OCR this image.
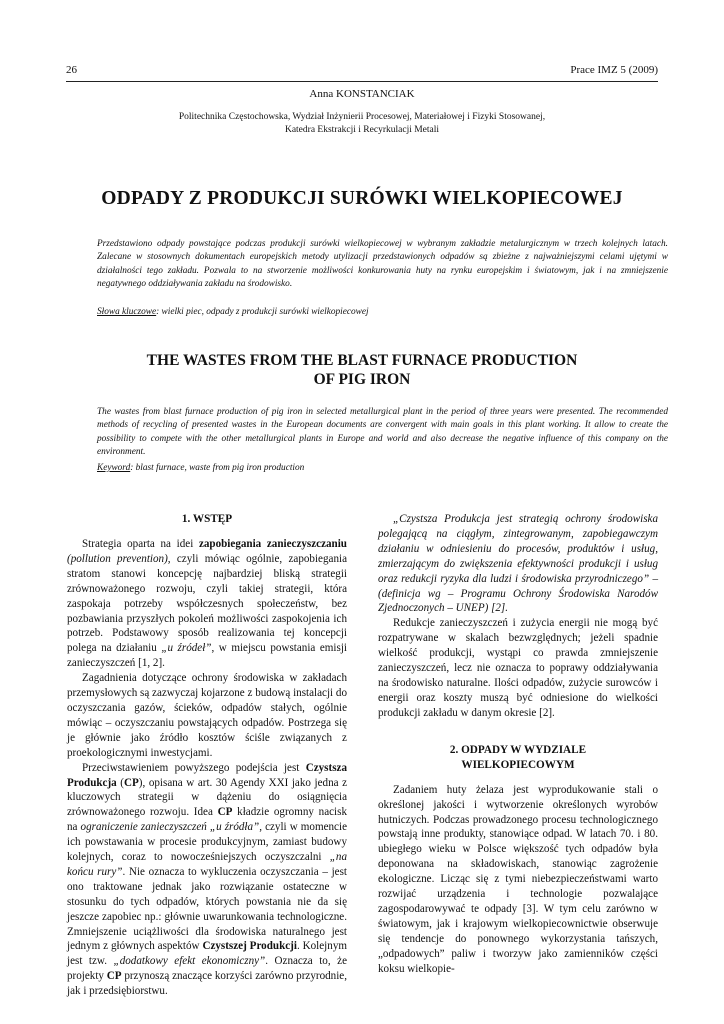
26	Prace IMZ 5 (2009)
Anna KONSTANCIAK
Politechnika Częstochowska, Wydział Inżynierii Procesowej, Materiałowej i Fizyki Stosowanej,
Katedra Ekstrakcji i Recyrkulacji Metali
ODPADY Z PRODUKCJI SURÓWKI WIELKOPIECOWEJ
Przedstawiono odpady powstające podczas produkcji surówki wielkopiecowej w wybranym zakładzie metalurgicznym w trzech kolejnych latach. Zalecane w stosownych dokumentach europejskich metody utylizacji przedstawionych odpadów są zbieżne z najważniejszymi celami ujętymi w działalności tego zakładu. Pozwala to na stworzenie możliwości konkurowania huty na rynku europejskim i światowym, jak i na zmniejszenie negatywnego oddziaływania zakładu na środowisko.
Słowa kluczowe: wielki piec, odpady z produkcji surówki wielkopiecowej
THE WASTES FROM THE BLAST FURNACE PRODUCTION
OF PIG IRON
The wastes from blast furnace production of pig iron in selected metallurgical plant in the period of three years were presented. The recommended methods of recycling of presented wastes in the European documents are convergent with main goals in this plant working. It allow to create the possibility to compete with the other metallurgical plants in Europe and world and also decrease the negative influence of this company on the environment.
Keyword: blast furnace, waste from pig iron production
1. WSTĘP

Strategia oparta na idei zapobiegania zanieczyszczaniu (pollution prevention), czyli mówiąc ogólnie, zapobiegania stratom stanowi koncepcję najbardziej bliską strategii zrównoważonego rozwoju, czyli takiej strategii, która zaspokaja potrzeby współczesnych społeczeństw, bez pozbawiania przyszłych pokoleń możliwości zaspokojenia ich potrzeb. Podstawowy sposób realizowania tej koncepcji polega na działaniu „u źródeł”, w miejscu powstania emisji zanieczyszczeń [1, 2].

Zagadnienia dotyczące ochrony środowiska w zakładach przemysłowych są zazwyczaj kojarzone z budową instalacji do oczyszczania gazów, ścieków, odpadów stałych, ogólnie mówiąc – oczyszczaniu powstających odpadów. Postrzega się je głównie jako źródło kosztów ściśle związanych z proekologicznymi inwestycjami.

Przeciwstawieniem powyższego podejścia jest Czystsza Produkcja (CP), opisana w art. 30 Agendy XXI jako jedna z kluczowych strategii w dążeniu do osiągnięcia zrównoważonego rozwoju. Idea CP kładzie ogromny nacisk na ograniczenie zanieczyszczeń „u źródła”, czyli w momencie ich powstawania w procesie produkcyjnym, zamiast budowy kolejnych, coraz to nowocześniejszych oczyszczalni „na końcu rury”. Nie oznacza to wykluczenia oczyszczania – jest ono traktowane jednak jako rozwiązanie ostateczne w stosunku do tych odpadów, których powstania nie da się jeszcze zapobiec np.: głównie uwarunkowania technologiczne. Zmniejszenie uciążliwości dla środowiska naturalnego jest jednym z głównych aspektów Czystszej Produkcji. Kolejnym jest tzw. „dodatkowy efekt ekonomiczny”. Oznacza to, że projekty CP przynoszą znaczące korzyści zarówno przyrodnie, jak i przedsiębiorstwu.

„Czystsza Produkcja jest strategią ochrony środowiska polegającą na ciągłym, zintegrowanym, zapobiegawczym działaniu w odniesieniu do procesów, produktów i usług, zmierzającym do zwiększenia efektywności produkcji i usług oraz redukcji ryzyka dla ludzi i środowiska przyrodniczego” – (definicja wg – Programu Ochrony Środowiska Narodów Zjednoczonych – UNEP) [2].

Redukcje zanieczyszczeń i zużycia energii nie mogą być rozpatrywane w skalach bezwzględnych; jeżeli spadnie wielkość produkcji, wystąpi co prawda zmniejszenie zanieczyszczeń, lecz nie oznacza to poprawy oddziaływania na środowisko naturalne. Ilości odpadów, zużycie surowców i energii oraz koszty muszą być odniesione do wielkości produkcji zakładu w danym okresie [2].

2. ODPADY W WYDZIALE
WIELKOPIECOWYM

Zadaniem huty żelaza jest wyprodukowanie stali o określonej jakości i wytworzenie określonych wyrobów hutniczych. Podczas prowadzonego procesu technologicznego powstają inne produkty, stanowiące odpad. W latach 70. i 80. ubiegłego wieku w Polsce większość tych odpadów była deponowana na składowiskach, stanowiąc zagrożenie ekologiczne. Licząc się z tymi niebezpieczeństwami warto rozwijać urządzenia i technologie pozwalające zagospodarowywać te odpady [3]. W tym celu zarówno w światowym, jak i krajowym wielkopiecownictwie obserwuje się tendencje do ponownego wykorzystania tańszych, „odpadowych” paliw i tworzyw jako zamienników części koksu wielkopie-
